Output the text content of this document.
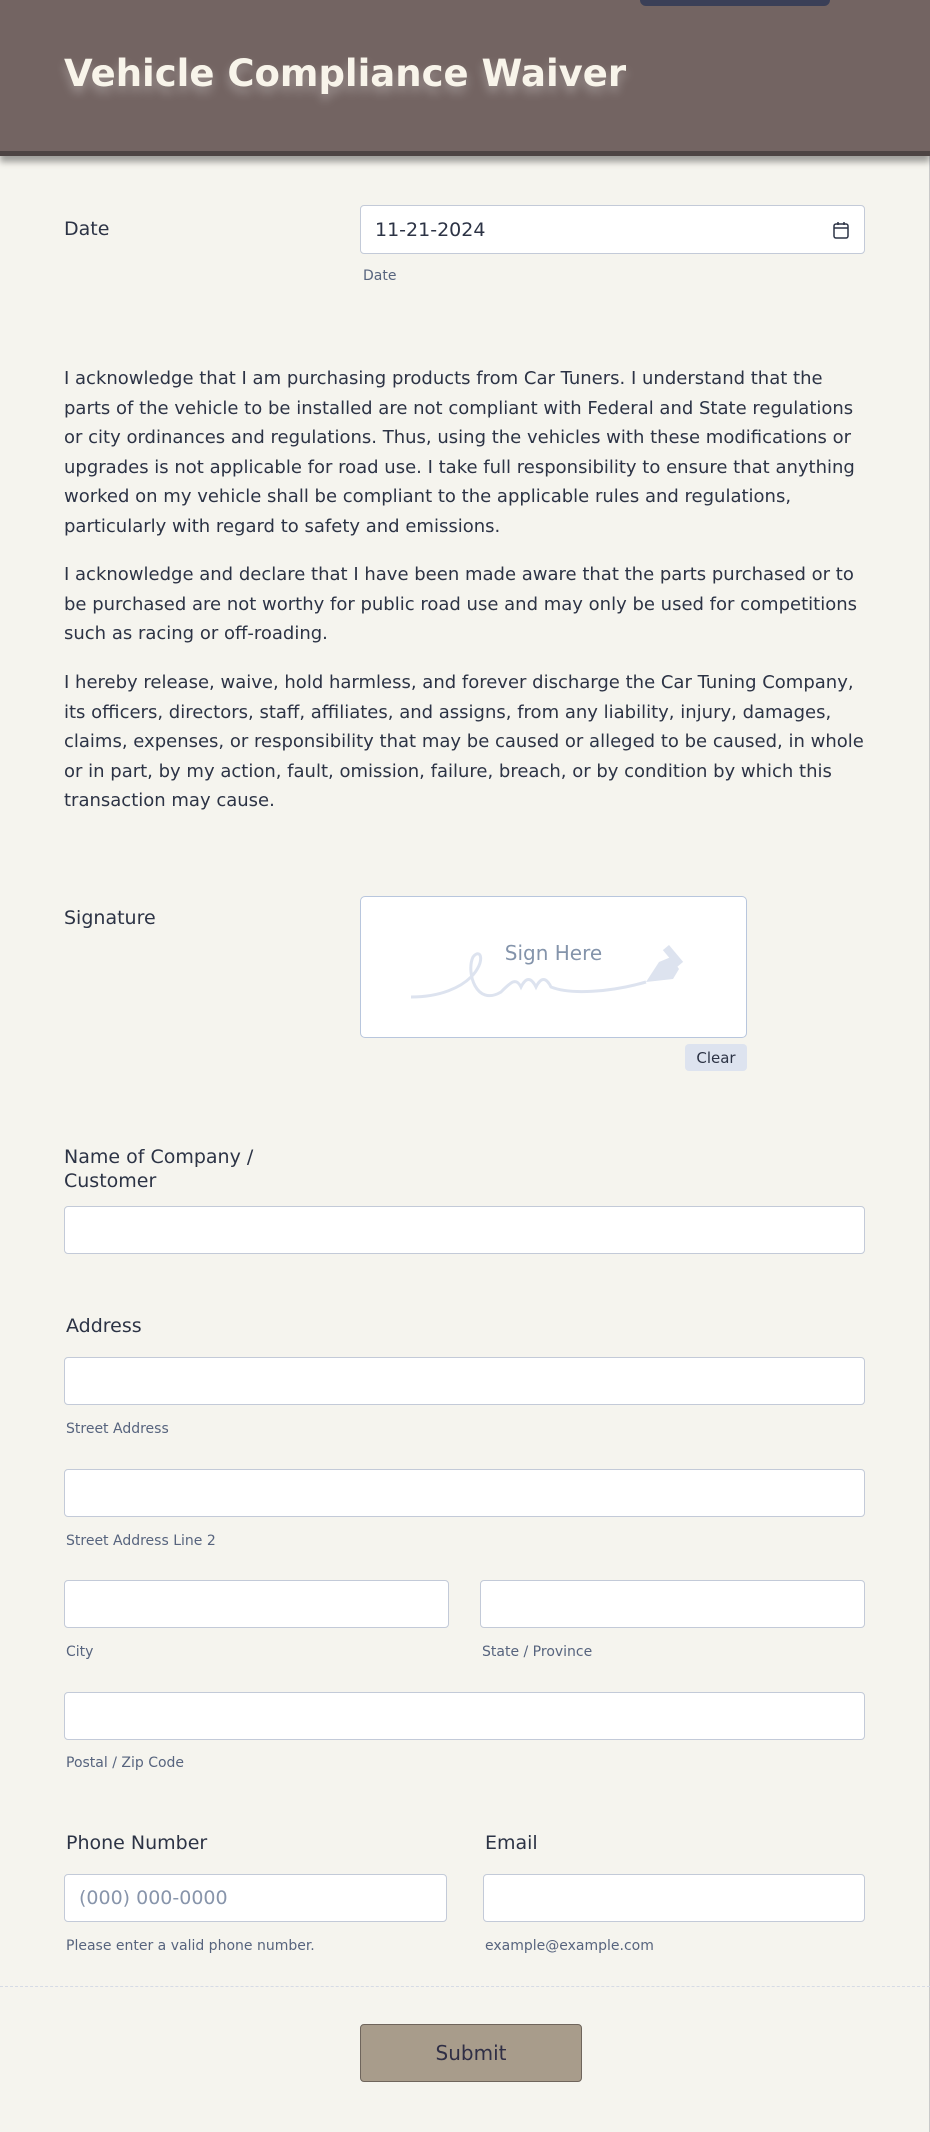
Vehicle Compliance Waiver
Date	11-21-2024
Date

I acknowledge that I am purchasing products from Car Tuners. I understand that the parts of the vehicle to be installed are not compliant with Federal and State regulations or city ordinances and regulations. Thus, using the vehicles with these modifications or upgrades is not applicable for road use. I take full responsibility to ensure that anything worked on my vehicle shall be compliant to the applicable rules and regulations, particularly with regard to safety and emissions.

I acknowledge and declare that I have been made aware that the parts purchased or to be purchased are not worthy for public road use and may only be used for competitions such as racing or off-roading.

I hereby release, waive, hold harmless, and forever discharge the Car Tuning Company, its officers, directors, staff, affiliates, and assigns, from any liability, injury, damages, claims, expenses, or responsibility that may be caused or alleged to be caused, in whole or in part, by my action, fault, omission, failure, breach, or by condition by which this transaction may cause.

Signature
Sign Here
Clear
Name of Company / Customer
Address
Street Address
Street Address Line 2
City	State / Province
Postal / Zip Code
Phone Number
(000) 000-0000
Please enter a valid phone number.
Email
example@example.com
Submit
